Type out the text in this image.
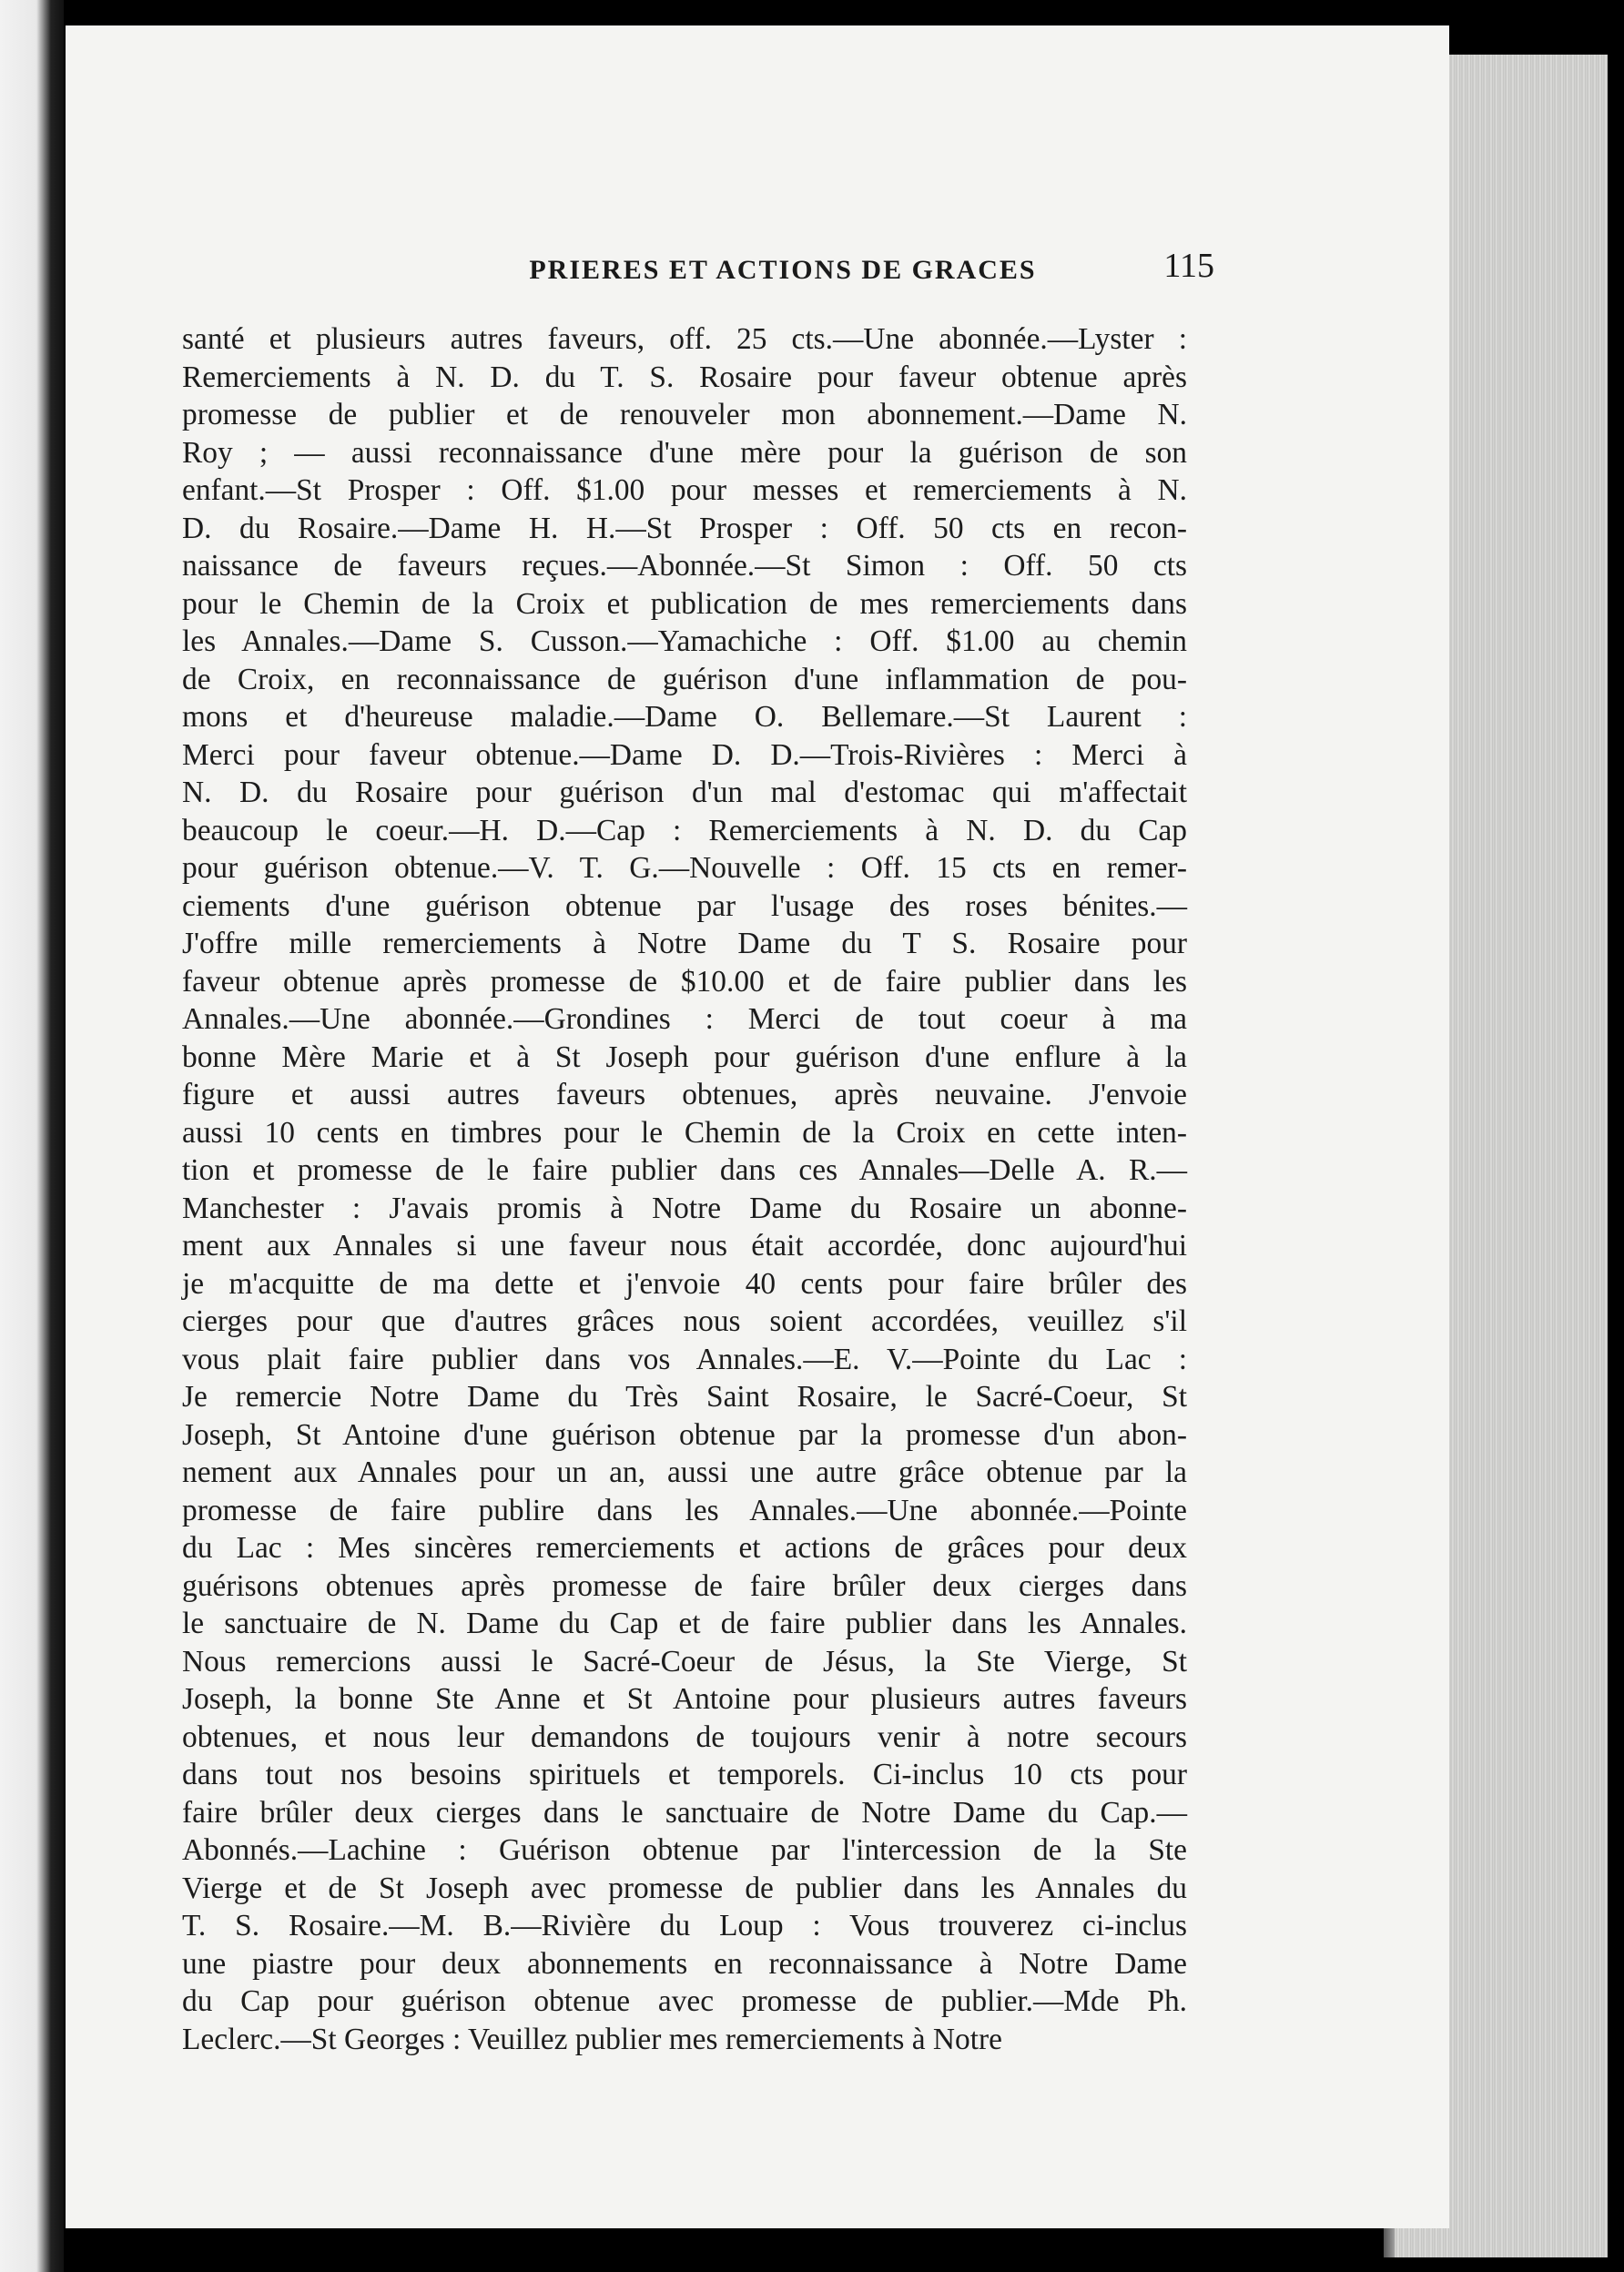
PRIERES ET ACTIONS DE GRACES	115

santé et plusieurs autres faveurs, off. 25 cts.—Une abonnée.—Lyster :
Remerciements à N. D. du T. S. Rosaire pour faveur obtenue après
promesse de publier et de renouveler mon abonnement.—Dame N.
Roy ; — aussi reconnaissance d'une mère pour la guérison de son
enfant.—St Prosper : Off. $1.00 pour messes et remerciements à N.
D. du Rosaire.—Dame H. H.—St Prosper : Off. 50 cts en recon-
naissance de faveurs reçues.—Abonnée.—St Simon : Off. 50 cts
pour le Chemin de la Croix et publication de mes remerciements dans
les Annales.—Dame S. Cusson.—Yamachiche : Off. $1.00 au chemin
de Croix, en reconnaissance de guérison d'une inflammation de pou-
mons et d'heureuse maladie.—Dame O. Bellemare.—St Laurent :
Merci pour faveur obtenue.—Dame D. D.—Trois-Rivières : Merci à
N. D. du Rosaire pour guérison d'un mal d'estomac qui m'affectait
beaucoup le coeur.—H. D.—Cap : Remerciements à N. D. du Cap
pour guérison obtenue.—V. T. G.—Nouvelle : Off. 15 cts en remer-
ciements d'une guérison obtenue par l'usage des roses bénites.—
J'offre mille remerciements à Notre Dame du T S. Rosaire pour
faveur obtenue après promesse de $10.00 et de faire publier dans les
Annales.—Une abonnée.—Grondines : Merci de tout coeur à ma
bonne Mère Marie et à St Joseph pour guérison d'une enflure à la
figure et aussi autres faveurs obtenues, après neuvaine. J'envoie
aussi 10 cents en timbres pour le Chemin de la Croix en cette inten-
tion et promesse de le faire publier dans ces Annales—Delle A. R.—
Manchester : J'avais promis à Notre Dame du Rosaire un abonne-
ment aux Annales si une faveur nous était accordée, donc aujourd'hui
je m'acquitte de ma dette et j'envoie 40 cents pour faire brûler des
cierges pour que d'autres grâces nous soient accordées, veuillez s'il
vous plait faire publier dans vos Annales.—E. V.—Pointe du Lac :
Je remercie Notre Dame du Très Saint Rosaire, le Sacré-Coeur, St
Joseph, St Antoine d'une guérison obtenue par la promesse d'un abon-
nement aux Annales pour un an, aussi une autre grâce obtenue par la
promesse de faire publire dans les Annales.—Une abonnée.—Pointe
du Lac : Mes sincères remerciements et actions de grâces pour deux
guérisons obtenues après promesse de faire brûler deux cierges dans
le sanctuaire de N. Dame du Cap et de faire publier dans les Annales.
Nous remercions aussi le Sacré-Coeur de Jésus, la Ste Vierge, St
Joseph, la bonne Ste Anne et St Antoine pour plusieurs autres faveurs
obtenues, et nous leur demandons de toujours venir à notre secours
dans tout nos besoins spirituels et temporels. Ci-inclus 10 cts pour
faire brûler deux cierges dans le sanctuaire de Notre Dame du Cap.—
Abonnés.—Lachine : Guérison obtenue par l'intercession de la Ste
Vierge et de St Joseph avec promesse de publier dans les Annales du
T. S. Rosaire.—M. B.—Rivière du Loup : Vous trouverez ci-inclus
une piastre pour deux abonnements en reconnaissance à Notre Dame
du Cap pour guérison obtenue avec promesse de publier.—Mde Ph.
Leclerc.—St Georges : Veuillez publier mes remerciements à Notre
